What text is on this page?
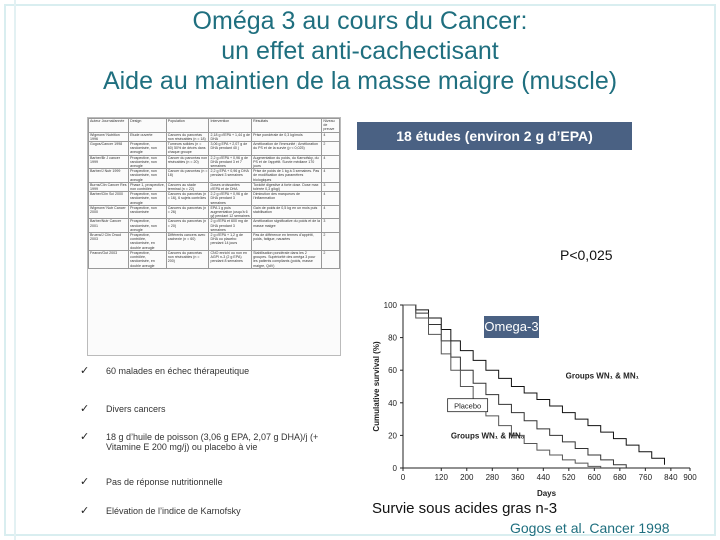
Oméga 3 au cours du Cancer:
un effet anti-cachectisant
Aide au maintien de la masse maigre (muscle)
Auteur Journal/année	Design	Population	Intervention	Résultats	Niveau de preuve
Wigmore/ Nutrition 1996	Etude ouverte	Cancers du pancréas non résécables (n = 18)	2,18 g d’EPA + 1,44 g de DHA	Prise pondérale de 0,3 kg/mois	4
Gogos/Cancer 1998	Prospective, randomisée, non aveugle	Tumeurs solides (n = 60) 50% de décès dans chaque groupe	3,06 g EPA + 2,07 g de DHA pendant 40 j	Amélioration de l’immunité ; Amélioration du PS et de la survie (p < 0,025)	2
Barber/Br J cancer 1999	Prospective, non randomisée, non aveugle	Cancer du pancréas non résécables (n = 20)	2,2 g d’EPA + 0,96 g de DHA pendant 3 et 7 semaines	Augmentation du poids, du Karnofsky, du PS et de l’appétit. Survie médiane 170 jours	4
Barber/J Nutr 1999	Prospective, non randomisée, non aveugle	Cancer du pancréas (n = 18)	2,2 g EPA + 0,96 g DHA pendant 3 semaines	Prise de poids de 1 kg à 3 semaines. Pas de modification des paramètres biologiques	4
Burns/Clin Cancer Res 1999	Phase 1, prospective, non contrôlée	Cancers au stade terminal (n = 22)	Doses croissantes d’EPA et de DHA	Toxicité digestive à forte dose. Dose max tolérée 0,3 g/kg/j	3
Barber/Clin Sci 2000	Prospective, non randomisée, non aveugle	Cancers du pancréas (n = 16), 6 sujets contrôles	2,2 g d’EPA + 0,96 g de DHA pendant 3 semaines	Diminution des marqueurs de l’inflammation	4
Wigmore/ Nutr Cancer 2000	Prospective, non randomisée	Cancers du pancréas (n = 26)	EPA 1 g puis augmentation jusqu’à 6 g/j pendant 12 semaines	Gain de poids de 0,5 kg en un mois puis stabilisation	4
Barber/Nutr Cancer 2001	Prospective, randomisée, non aveugle	Cancers du pancréas (n = 20)	2 g d’EPA et 600 mg de DHA pendant 3 semaines	Amélioration significative du poids et de la masse maigre	3
Bruera/J Clin Oncol 2003	Prospective, contrôlée, randomisée, en double aveugle	Différents cancers avec cachexie (n = 60)	2 g d’EPA + 1,2 g de DHA ou placebo pendant 14 jours	Pas de différence en termes d’appétit, poids, fatigue, nausées	2
Fearon/Gut 2003	Prospective, contrôlée, randomisée, en double aveugle	Cancers du pancréas non résécables (n = 200)	CNO enrichi ou non en AGPI n-3 (2 g EPA) pendant 8 semaines	Stabilisation pondérale dans les 2 groupes. Supériorité des oméga 3 pour les patients compliants (poids, masse maigre, QdV)	2
18 études (environ 2 g d’EPA)
P<0,025
0
20
40
60
80
100
0	120 200 280 360 440 520 600 680 760 840 900
Days
Cumulative survival (%)	Groups WN₁ & MN₁
Groups WN₁ & MN₀
Placebo
Omega-3
✓ 60 malades en échec thérapeutique
✓ Divers cancers
✓ 18 g d’huile de poisson (3,06 g EPA, 2,07 g DHA)/j (+ Vitamine E 200 mg/j) ou placebo à vie
✓ Pas de réponse nutritionnelle
✓ Elévation de l’indice de Karnofsky	Survie sous acides gras n-3
Gogos et al. Cancer 1998
